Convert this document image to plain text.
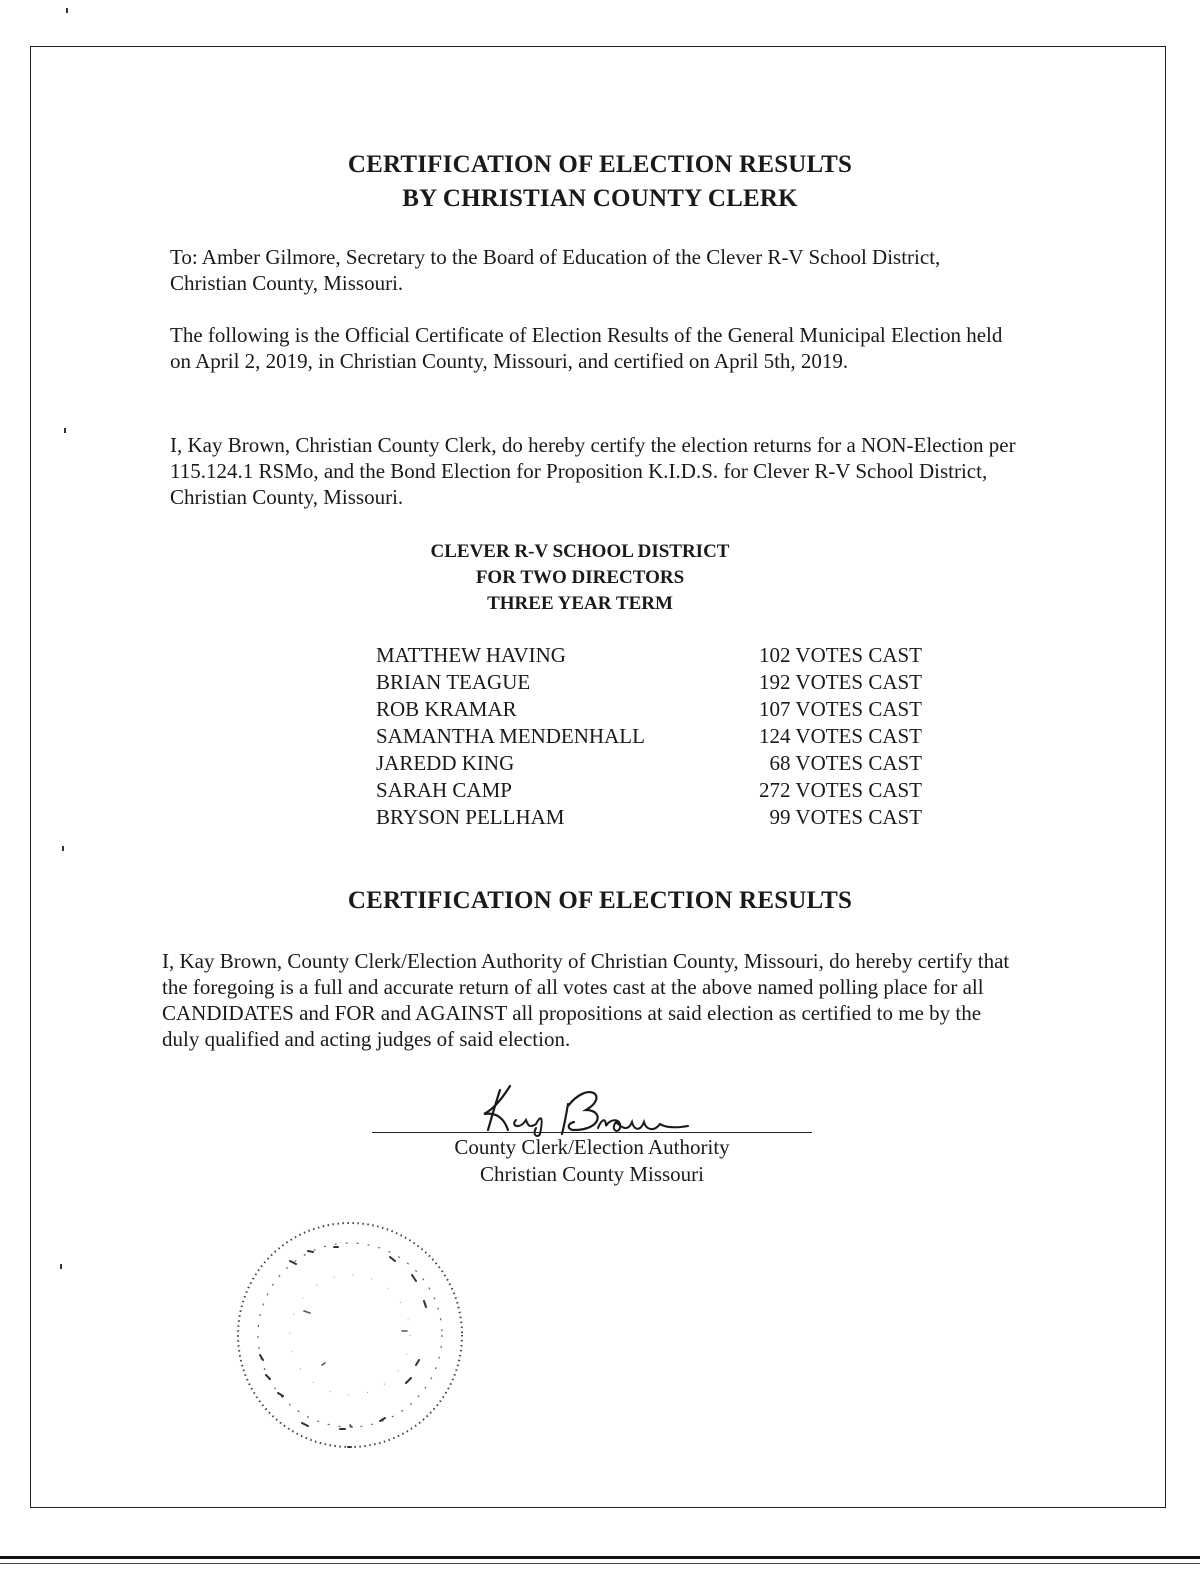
CERTIFICATION OF ELECTION RESULTS
BY CHRISTIAN COUNTY CLERK
To: Amber Gilmore, Secretary to the Board of Education of the Clever R-V School District, Christian County, Missouri.
The following is the Official Certificate of Election Results of the General Municipal Election held on April 2, 2019, in Christian County, Missouri, and certified on April 5th, 2019.
I, Kay Brown, Christian County Clerk, do hereby certify the election returns for a NON-Election per 115.124.1 RSMo, and the Bond Election for Proposition K.I.D.S. for Clever R-V School District, Christian County, Missouri.
CLEVER R-V SCHOOL DISTRICT
FOR TWO DIRECTORS
THREE YEAR TERM
MATTHEW HAVING	102 VOTES CAST
BRIAN TEAGUE	192 VOTES CAST
ROB KRAMAR	107 VOTES CAST
SAMANTHA MENDENHALL	124 VOTES CAST
JAREDD KING	68 VOTES CAST
SARAH CAMP	272 VOTES CAST
BRYSON PELLHAM	99 VOTES CAST
CERTIFICATION OF ELECTION RESULTS
I, Kay Brown, County Clerk/Election Authority of Christian County, Missouri, do hereby certify that the foregoing is a full and accurate return of all votes cast at the above named polling place for all CANDIDATES and FOR and AGAINST all propositions at said election as certified to me by the duly qualified and acting judges of said election.
County Clerk/Election Authority
Christian County Missouri
